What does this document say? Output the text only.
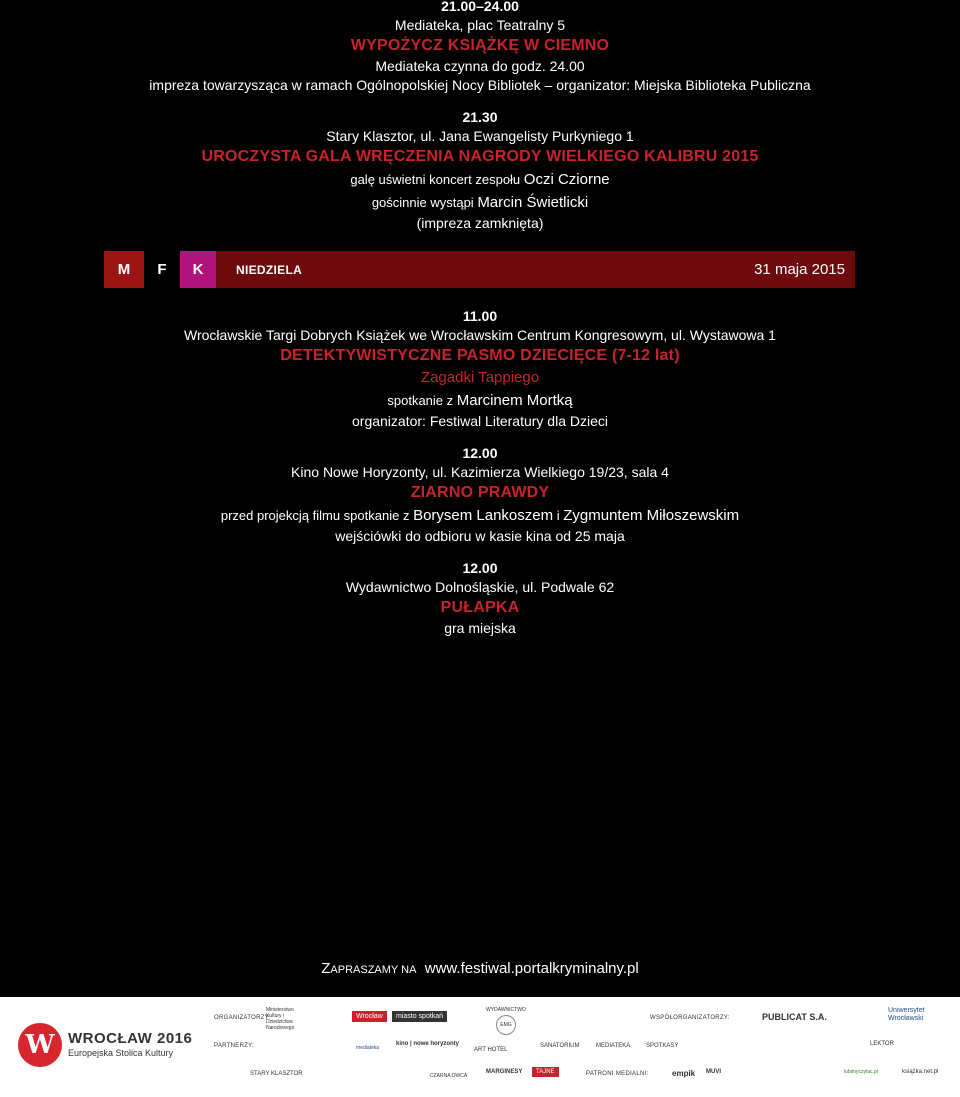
21.00–24.00
Mediateka, plac Teatralny 5
WYPOŻYCZ KSIĄŻKĘ W CIEMNO
Mediateka czynna do godz. 24.00
impreza towarzysząca w ramach Ogólnopolskiej Nocy Bibliotek – organizator: Miejska Biblioteka Publiczna
21.30
Stary Klasztor, ul. Jana Ewangelisty Purkyniego 1
UROCZYSTA GALA WRĘCZENIA NAGRODY WIELKIEGO KALIBRU 2015
galę uświetni koncert zespołu Oczi Cziоrne
gościnnie wystąpi Marcin Świetlicki
(impreza zamknięta)
M	F	K	NIEDZIELA	31 maja 2015
11.00
Wrocławskie Targi Dobrych Książek we Wrocławskim Centrum Kongresowym, ul. Wystawowa 1
DETEKTYWISTYCZNE PASMO DZIECIĘCE (7-12 lat)
Zagadki Tappiego
spotkanie z Marcinem Mortką
organizator: Festiwal Literatury dla Dzieci
12.00
Kino Nowe Horyzonty, ul. Kazimierza Wielkiego 19/23, sala 4
ZIARNO PRAWDY
przed projekcją filmu spotkanie z Borysem Lankoszem i Zygmuntem Miłoszewskim
wejściówki do odbioru w kasie kina od 25 maja
12.00
Wydawnictwo Dolnośląskie, ul. Podwale 62
PUŁAPKA
gra miejska
ZAPRASZAMY NA www.festiwal.portalkryminalny.pl
W WROCŁAW 2016
Europejska Stolica Kultury
ORGANIZATORZY:
Ministerstwo Kultury i Dziedzictwa Narodowego
Wrocław	miasto spotkań
WYDAWNICTWO
EMG
WSPÓŁORGANIZATORZY:	PUBLICAT S.A.
Uniwersytet Wrocławski
PARTNERZY:	kino | nowe horyzonty
ART HOTEL
SANATORIUM	MEDIATEKA	SPOTKASY
mediateka
LEKTOR
STARY KLASZTOR	CZARNA OWCA
MARGINESY	TAJNE	PATRONI MEDIALNI:	empik MUVI	lubimyczytac.pl	książka.net.pl
